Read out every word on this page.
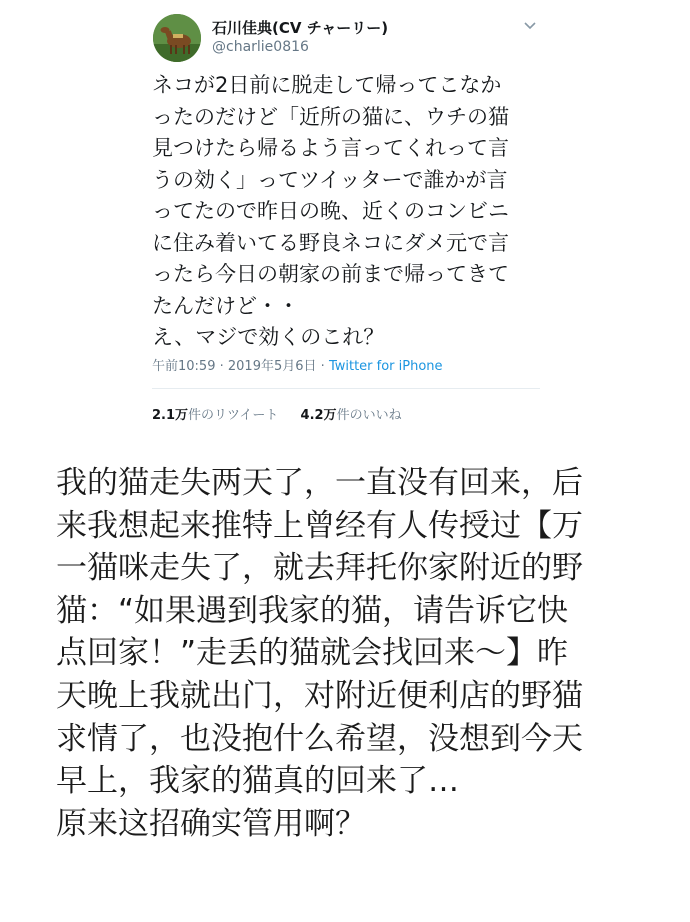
石川佳典(CV チャーリー)
@charlie0816
ネコが2日前に脱走して帰ってこなか
ったのだけど「近所の猫に、ウチの猫
見つけたら帰るよう言ってくれって言
うの効く」ってツイッターで誰かが言
ってたので昨日の晩、近くのコンビニ
に住み着いてる野良ネコにダメ元で言
ったら今日の朝家の前まで帰ってきて
たんだけど・・
え、マジで効くのこれ？
午前10:59 · 2019年5月6日 · Twitter for iPhone
2.1万件のリツイート 4.2万件のいいね
我的猫走失两天了，一直没有回来，后
来我想起来推特上曾经有人传授过【万
一猫咪走失了，就去拜托你家附近的野
猫：“如果遇到我家的猫，请告诉它快
点回家！”走丢的猫就会找回来～】昨
天晚上我就出门，对附近便利店的野猫
求情了，也没抱什么希望，没想到今天
早上，我家的猫真的回来了…
原来这招确实管用啊？
